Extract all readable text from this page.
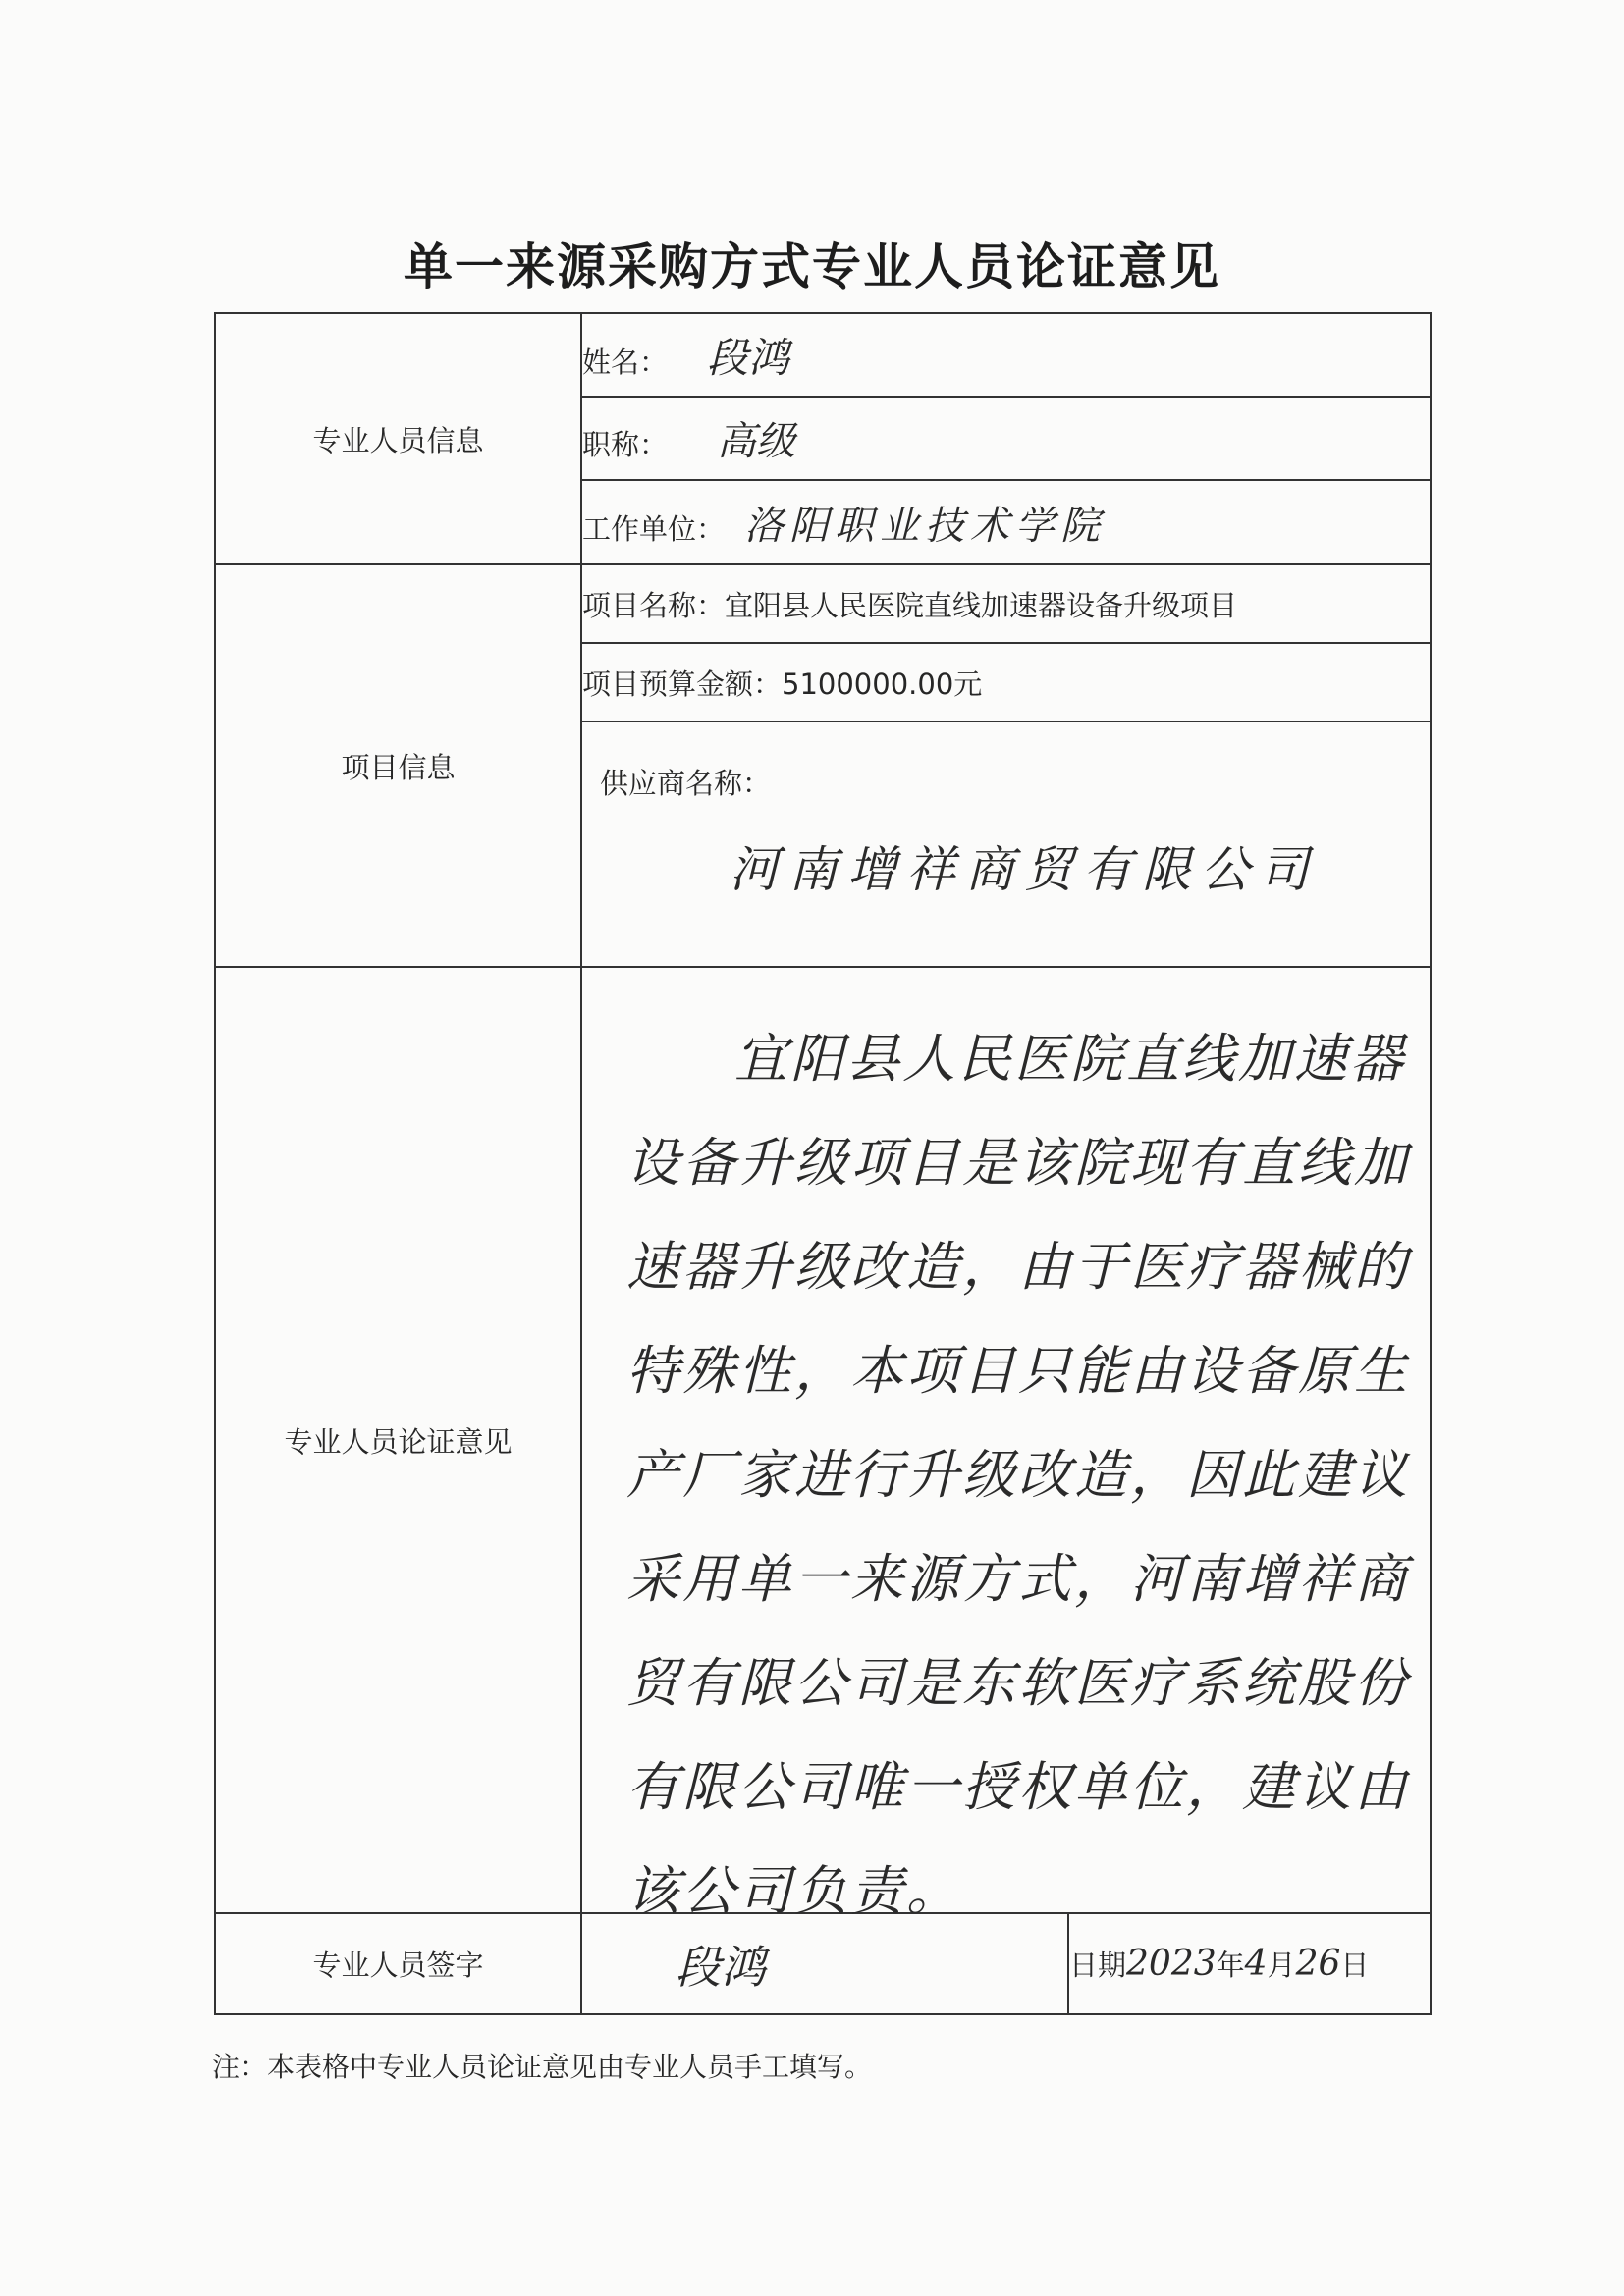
单一来源采购方式专业人员论证意见
专业人员信息	姓名： 段鸿	
	职称： 高级	
	工作单位： 洛阳职业技术学院	
项目信息	项目名称：宜阳县人民医院直线加速器设备升级项目	
	项目预算金额：5100000.00元	

	供应商名称：
河南增祥商贸有限公司	

专业人员论证意见	宜阳县人民医院直线加速器设备升级项目是该院现有直线加速器升级改造，由于医疗器械的特殊性，本项目只能由设备原生产厂家进行升级改造，因此建议采用单一来源方式，河南增祥商贸有限公司是东软医疗系统股份有限公司唯一授权单位，建议由该公司负责。	

专业人员签字	段鸿	日期2023年4月26日
注：本表格中专业人员论证意见由专业人员手工填写。
